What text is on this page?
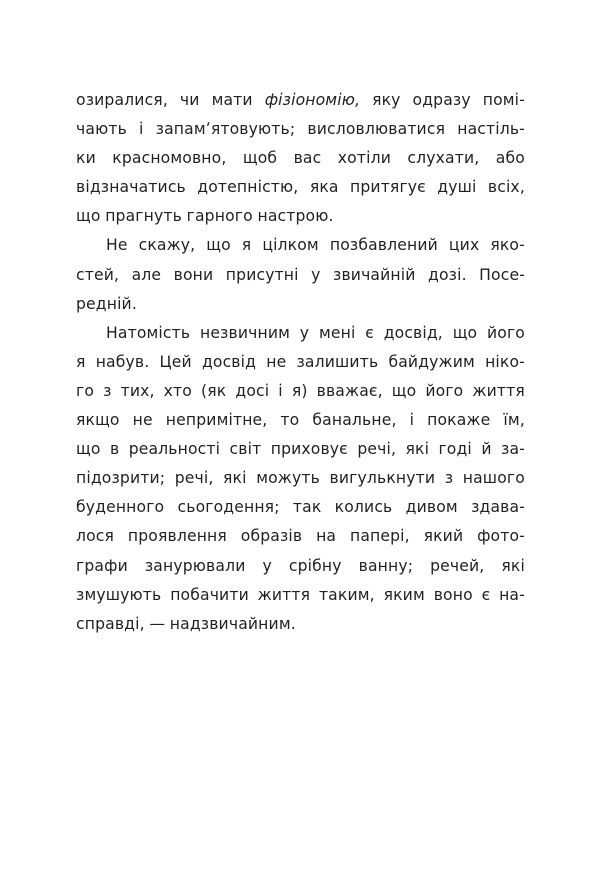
озиралися, чи мати фізіономію, яку одразу помі-
чають і запамʼятовують; висловлюватися настіль-
ки красномовно, щоб вас хотіли слухати, або
відзначатись дотепністю, яка притягує душі всіх,
що прагнуть гарного настрою.
Не скажу, що я цілком позбавлений цих яко-
стей, але вони присутні у звичайній дозі. Посе-
редній.
Натомість незвичним у мені є досвід, що його
я набув. Цей досвід не залишить байдужим ніко-
го з тих, хто (як досі і я) вважає, що його життя
якщо не непримітне, то банальне, і покаже їм,
що в реальності світ приховує речі, які годі й за-
підозрити; речі, які можуть вигулькнути з нашого
буденного сьогодення; так колись дивом здава-
лося проявлення образів на папері, який фото-
графи занурювали у срібну ванну; речей, які
змушують побачити життя таким, яким воно є на-
справді, — надзвичайним.
